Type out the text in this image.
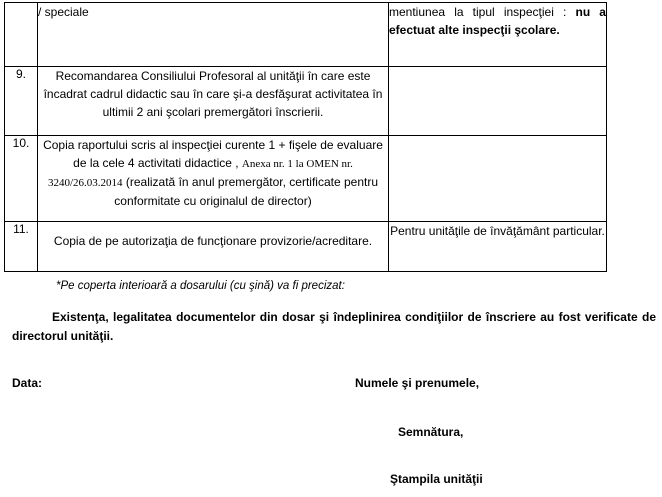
	/ speciale	mentiunea la tipul inspecţiei : nu a efectuat alte inspecţii şcolare.
9.	Recomandarea Consiliului Profesoral al unităţii în care este încadrat cadrul didactic sau în care şi-a desfăşurat activitatea în ultimii 2 ani şcolari premergători înscrierii.	
10.	Copia raportului scris al inspecţiei curente 1 + fişele de evaluare de la cele 4 activitati didactice , Anexa nr. 1 la OMEN nr. 3240/26.03.2014 (realizată în anul premergător, certificate pentru conformitate cu originalul de director)	
11.	Copia de pe autorizaţia de funcţionare provizorie/acreditare.	Pentru unităţile de învăţământ particular.
*Pe coperta interioară a dosarului (cu şină) va fi precizat:
Existenţa, legalitatea documentelor din dosar şi îndeplinirea condiţiilor de înscriere au fost verificate de directorul unităţii.
Data:	Numele şi prenumele,
Semnătura,
Ştampila unităţii
